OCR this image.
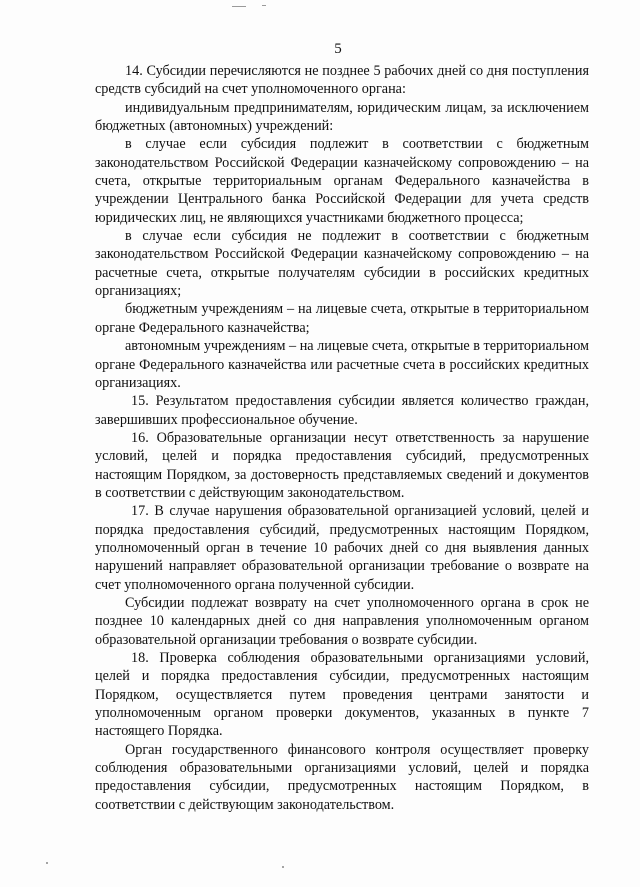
5

14. Субсидии перечисляются не позднее 5 рабочих дней со дня поступления средств субсидий на счет уполномоченного органа:

индивидуальным предпринимателям, юридическим лицам, за исключением бюджетных (автономных) учреждений:

в случае если субсидия подлежит в соответствии с бюджетным законодательством Российской Федерации казначейскому сопровождению – на счета, открытые территориальным органам Федерального казначейства в учреждении Центрального банка Российской Федерации для учета средств юридических лиц, не являющихся участниками бюджетного процесса;

в случае если субсидия не подлежит в соответствии с бюджетным законодательством Российской Федерации казначейскому сопровождению – на расчетные счета, открытые получателям субсидии в российских кредитных организациях;

бюджетным учреждениям – на лицевые счета, открытые в территориальном органе Федерального казначейства;

автономным учреждениям – на лицевые счета, открытые в территориальном органе Федерального казначейства или расчетные счета в российских кредитных организациях.

15. Результатом предоставления субсидии является количество граждан, завершивших профессиональное обучение.

16. Образовательные организации несут ответственность за нарушение условий, целей и порядка предоставления субсидий, предусмотренных настоящим Порядком, за достоверность представляемых сведений и документов в соответствии с действующим законодательством.

17. В случае нарушения образовательной организацией условий, целей и порядка предоставления субсидий, предусмотренных настоящим Порядком, уполномоченный орган в течение 10 рабочих дней со дня выявления данных нарушений направляет образовательной организации требование о возврате на счет уполномоченного органа полученной субсидии.

Субсидии подлежат возврату на счет уполномоченного органа в срок не позднее 10 календарных дней со дня направления уполномоченным органом образовательной организации требования о возврате субсидии.

18. Проверка соблюдения образовательными организациями условий, целей и порядка предоставления субсидии, предусмотренных настоящим Порядком, осуществляется путем проведения центрами занятости и уполномоченным органом проверки документов, указанных в пункте 7 настоящего Порядка.

Орган государственного финансового контроля осуществляет проверку соблюдения образовательными организациями условий, целей и порядка предоставления субсидии, предусмотренных настоящим Порядком, в соответствии с действующим законодательством.
